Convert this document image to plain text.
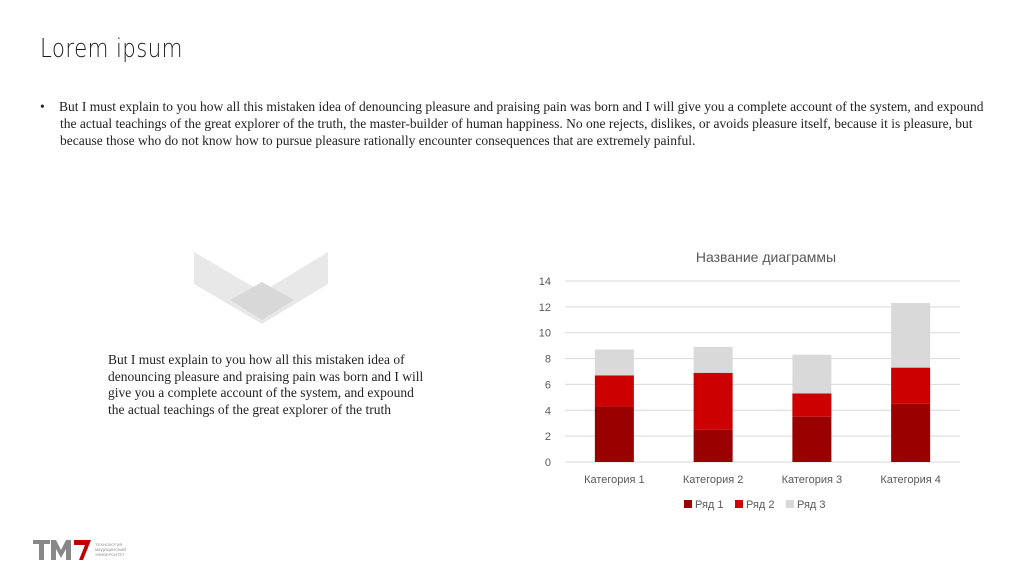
Lorem ipsum
•	But I must explain to you how all this mistaken idea of denouncing pleasure and praising pain was born and I will give you a complete account of the system, and expound the actual teachings of the great explorer of the truth, the master-builder of human happiness. No one rejects, dislikes, or avoids pleasure itself, because it is pleasure, but because those who do not know how to pursue pleasure rationally encounter consequences that are extremely painful.
But I must explain to you how all this mistaken idea of denouncing pleasure and praising pain was born and I will give you a complete account of the system, and expound the actual teachings of the great explorer of the truth
Название диаграммы
0
2
4
6
8
10
12
14
Категория 1	Категория 2	Категория 3	Категория 4
Ряд 1 Ряд 2 Ряд 3
ТЕХНОЛОГИЯ
МЕДИЦИНСКИЙ
УНИВЕРСИТЕТ
